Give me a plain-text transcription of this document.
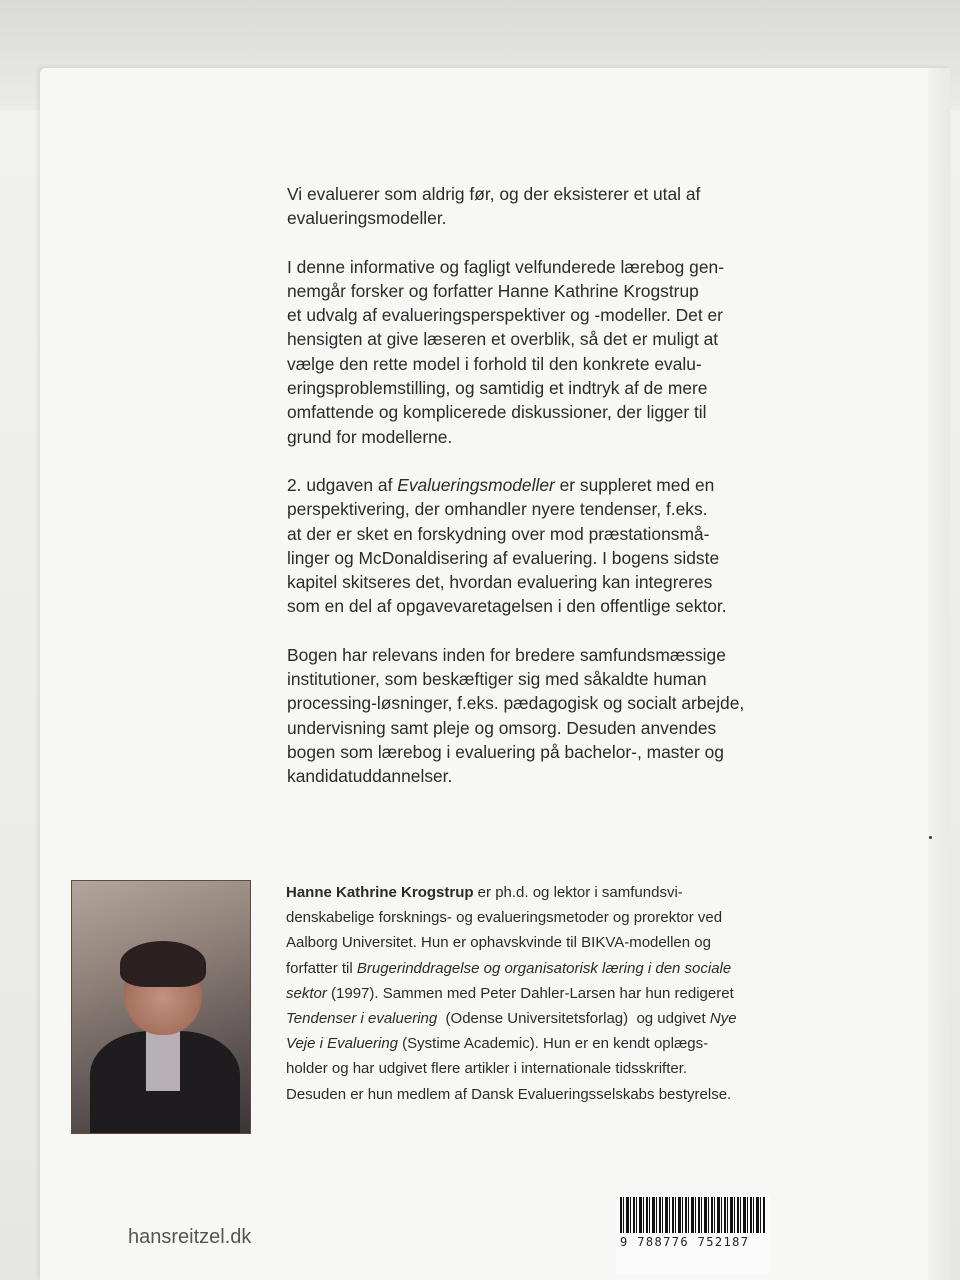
Vi evaluerer som aldrig før, og der eksisterer et utal af
evalueringsmodeller.

I denne informative og fagligt velfunderede lærebog gen-
nemgår forsker og forfatter Hanne Kathrine Krogstrup
et udvalg af evalueringsperspektiver og -modeller. Det er
hensigten at give læseren et overblik, så det er muligt at
vælge den rette model i forhold til den konkrete evalu-
eringsproblemstilling, og samtidig et indtryk af de mere
omfattende og komplicerede diskussioner, der ligger til
grund for modellerne.

2. udgaven af Evalueringsmodeller er suppleret med en
perspektivering, der omhandler nyere tendenser, f.eks.
at der er sket en forskydning over mod præstationsmå-
linger og McDonaldisering af evaluering. I bogens sidste
kapitel skitseres det, hvordan evaluering kan integreres
som en del af opgavevaretagelsen i den offentlige sektor.

Bogen har relevans inden for bredere samfundsmæssige
institutioner, som beskæftiger sig med såkaldte human
processing-løsninger, f.eks. pædagogisk og socialt arbejde,
undervisning samt pleje og omsorg. Desuden anvendes
bogen som lærebog i evaluering på bachelor-, master og
kandidatuddannelser.

Hanne Kathrine Krogstrup er ph.d. og lektor i samfundsvi-
denskabelige forsknings- og evalueringsmetoder og prorektor ved
Aalborg Universitet. Hun er ophavskvinde til BIKVA-modellen og
forfatter til Brugerinddragelse og organisatorisk læring i den sociale
sektor (1997). Sammen med Peter Dahler-Larsen har hun redigeret
Tendenser i evaluering  (Odense Universitetsforlag)  og udgivet Nye
Veje i Evaluering (Systime Academic). Hun er en kendt oplægs-
holder og har udgivet flere artikler i internationale tidsskrifter.
Desuden er hun medlem af Dansk Evalueringsselskabs bestyrelse.
hansreitzel.dk	9 788776 752187
